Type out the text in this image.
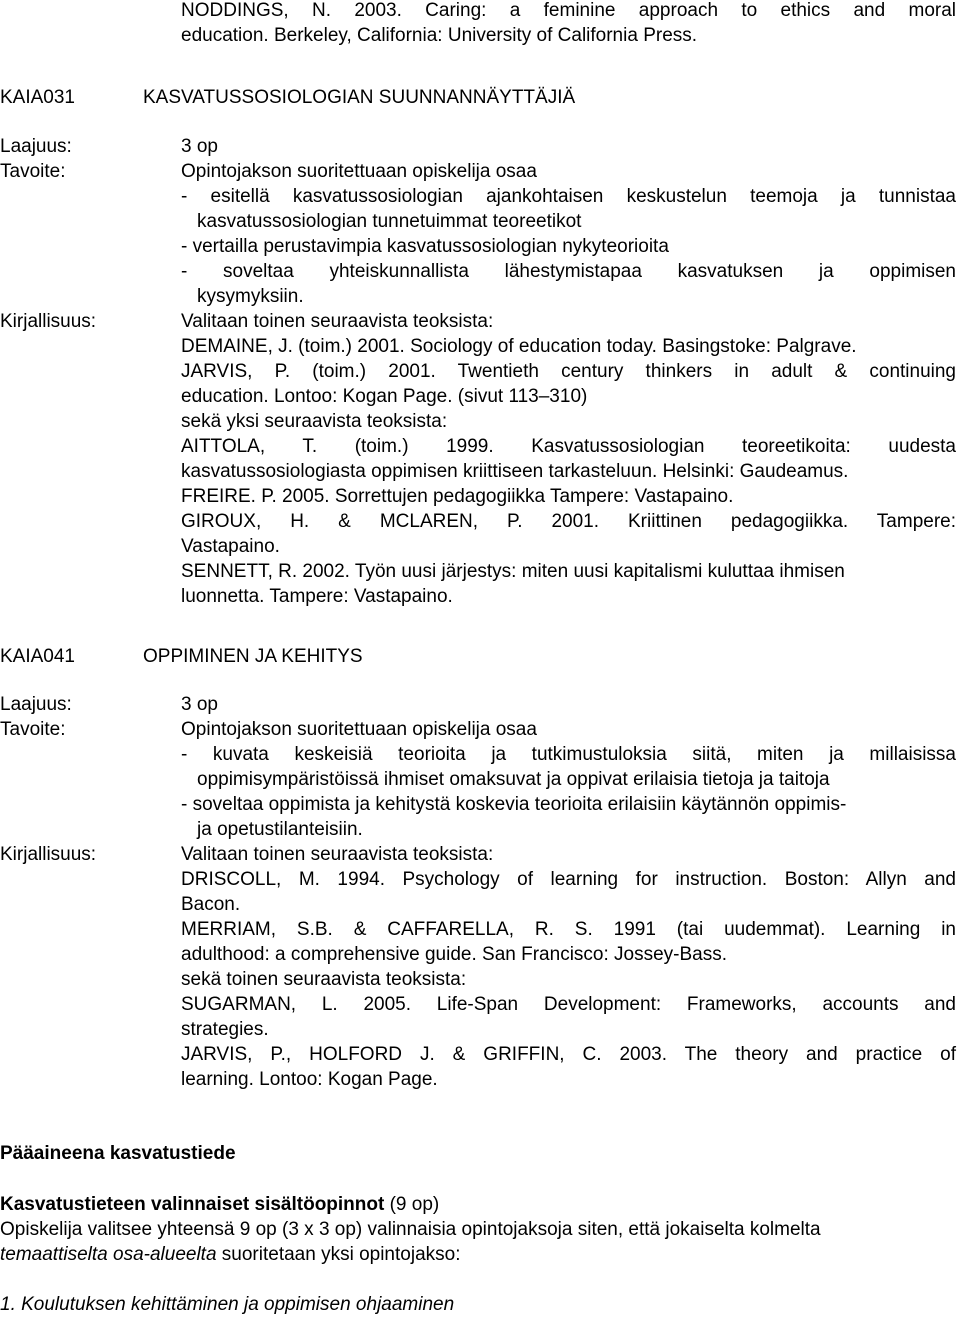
NODDINGS, N. 2003. Caring: a feminine approach to ethics and moral
education. Berkeley, California: University of California Press.
KAIA031	KASVATUSSOSIOLOGIAN SUUNNANNÄYTTÄJIÄ
Laajuus:	3 op
Tavoite:	Opintojakson suoritettuaan opiskelija osaa
- esitellä kasvatussosiologian ajankohtaisen keskustelun teemoja ja tunnistaa
kasvatussosiologian tunnetuimmat teoreetikot
- vertailla perustavimpia kasvatussosiologian nykyteorioita
- soveltaa yhteiskunnallista lähestymistapaa kasvatuksen ja oppimisen
kysymyksiin.
Kirjallisuus:	Valitaan toinen seuraavista teoksista:
DEMAINE, J. (toim.) 2001. Sociology of education today. Basingstoke: Palgrave.
JARVIS, P. (toim.) 2001. Twentieth century thinkers in adult & continuing
education. Lontoo: Kogan Page. (sivut 113–310)
sekä yksi seuraavista teoksista:
AITTOLA, T. (toim.) 1999. Kasvatussosiologian teoreetikoita: uudesta
kasvatussosiologiasta oppimisen kriittiseen tarkasteluun. Helsinki: Gaudeamus.
FREIRE. P. 2005. Sorrettujen pedagogiikka Tampere: Vastapaino.
GIROUX, H. & MCLAREN, P. 2001. Kriittinen pedagogiikka. Tampere:
Vastapaino.
SENNETT, R. 2002. Työn uusi järjestys: miten uusi kapitalismi kuluttaa ihmisen
luonnetta. Tampere: Vastapaino.
KAIA041	OPPIMINEN JA KEHITYS
Laajuus:	3 op
Tavoite:	Opintojakson suoritettuaan opiskelija osaa
- kuvata keskeisiä teorioita ja tutkimustuloksia siitä, miten ja millaisissa
oppimisympäristöissä ihmiset omaksuvat ja oppivat erilaisia tietoja ja taitoja
- soveltaa oppimista ja kehitystä koskevia teorioita erilaisiin käytännön oppimis-
ja opetustilanteisiin.
Kirjallisuus:	Valitaan toinen seuraavista teoksista:
DRISCOLL, M. 1994. Psychology of learning for instruction. Boston: Allyn and
Bacon.
MERRIAM, S.B. & CAFFARELLA, R. S. 1991 (tai uudemmat). Learning in
adulthood: a comprehensive guide. San Francisco: Jossey-Bass.
sekä toinen seuraavista teoksista:
SUGARMAN, L. 2005. Life-Span Development: Frameworks, accounts and
strategies.
JARVIS, P., HOLFORD J. & GRIFFIN, C. 2003. The theory and practice of
learning. Lontoo: Kogan Page.
Pääaineena kasvatustiede
Kasvatustieteen valinnaiset sisältöopinnot (9 op)
Opiskelija valitsee yhteensä 9 op (3 x 3 op) valinnaisia opintojaksoja siten, että jokaiselta kolmelta
temaattiselta osa-alueelta suoritetaan yksi opintojakso:
1. Koulutuksen kehittäminen ja oppimisen ohjaaminen
